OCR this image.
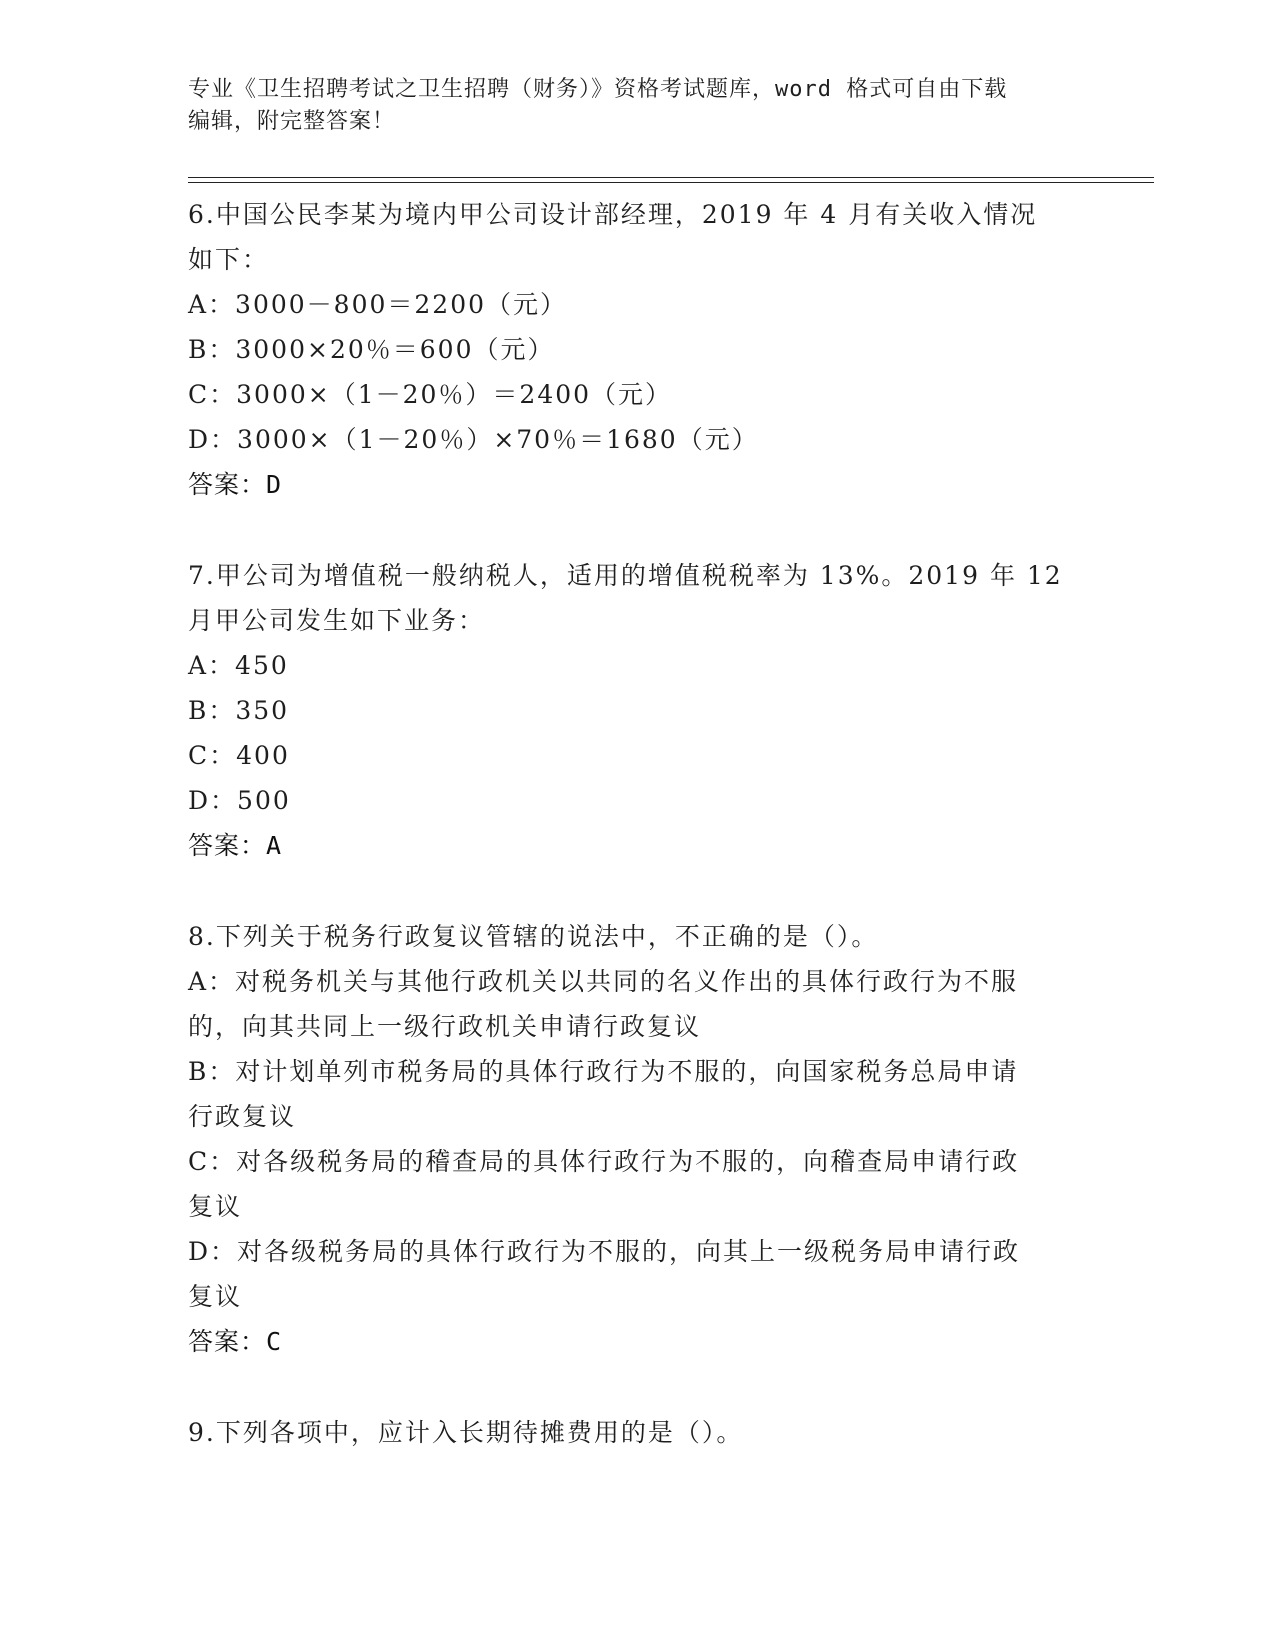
专业《卫生招聘考试之卫生招聘（财务）》资格考试题库，word 格式可自由下载
编辑，附完整答案！
6.中国公民李某为境内甲公司设计部经理，2019 年 4 月有关收入情况
如下：
A：3000－800＝2200（元）
B：3000×20％＝600（元）
C：3000×（1－20％）＝2400（元）
D：3000×（1－20％）×70％＝1680（元）
答案：D
7.甲公司为增值税一般纳税人，适用的增值税税率为 13%。2019 年 12
月甲公司发生如下业务：
A：450
B：350
C：400
D：500
答案：A
8.下列关于税务行政复议管辖的说法中，不正确的是（）。
A：对税务机关与其他行政机关以共同的名义作出的具体行政行为不服
的，向其共同上一级行政机关申请行政复议
B：对计划单列市税务局的具体行政行为不服的，向国家税务总局申请
行政复议
C：对各级税务局的稽查局的具体行政行为不服的，向稽查局申请行政
复议
D：对各级税务局的具体行政行为不服的，向其上一级税务局申请行政
复议
答案：C
9.下列各项中，应计入长期待摊费用的是（）。
